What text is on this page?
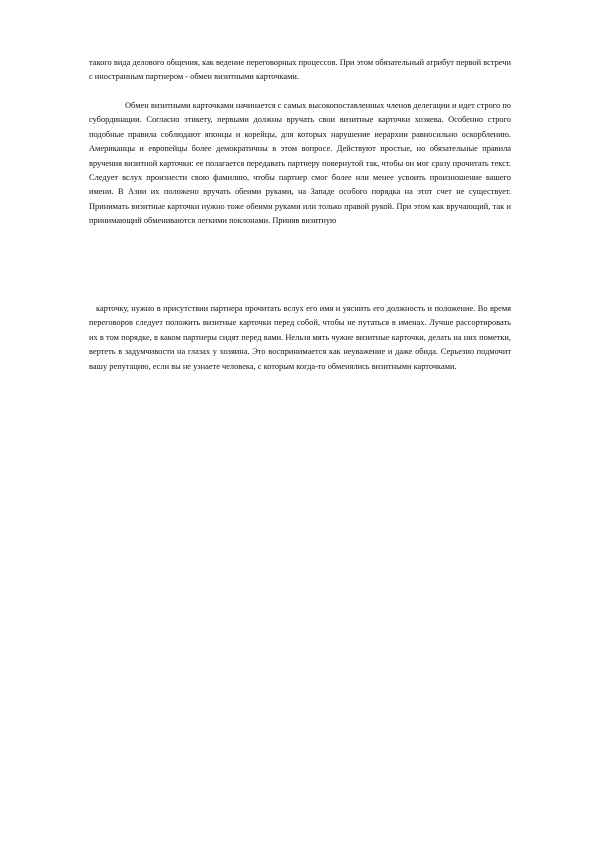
такого вида делового общения, как ведение переговорных процессов. При этом обязательный атрибут первой встречи с иностранным партнером - обмен визитными карточками.

Обмен визитными карточками начинается с самых высокопоставленных членов делегации и идет строго по субординации. Согласно этикету, первыми должны вручать свои визитные карточки хозяева. Особенно строго подобные правила соблюдают японцы и корейцы, для которых нарушение иерархии равносильно оскорблению. Американцы и европейцы более демократичны в этом вопросе. Действуют простые, но обязательные правила вручения визитной карточки: ее полагается передавать партнеру повернутой так, чтобы он мог сразу прочитать текст. Следует вслух произнести свою фамилию, чтобы партнер смог более или менее усвоить произношение вашего имени. В Азии их положено вручать обеими руками, на Западе особого порядка на этот счет не существует. Принимать визитные карточки нужно тоже обеими руками или только правой рукой. При этом как вручающий, так и принимающий обмениваются легкими поклонами. Приняв визитную

карточку, нужно в присутствии партнера прочитать вслух его имя и уяснить его должность и положение. Во время переговоров следует положить визитные карточки перед собой, чтобы не путаться в именах. Лучше рассортировать их в том порядке, в каком партнеры сидят перед вами. Нельзя мять чужие визитные карточки, делать на них пометки, вертеть в задумчивости на глазах у хозяина. Это воспринимается как неуважение и даже обида. Серьезно подмочит вашу репутацию, если вы не узнаете человека, с которым когда-то обменялись визитными карточками.
